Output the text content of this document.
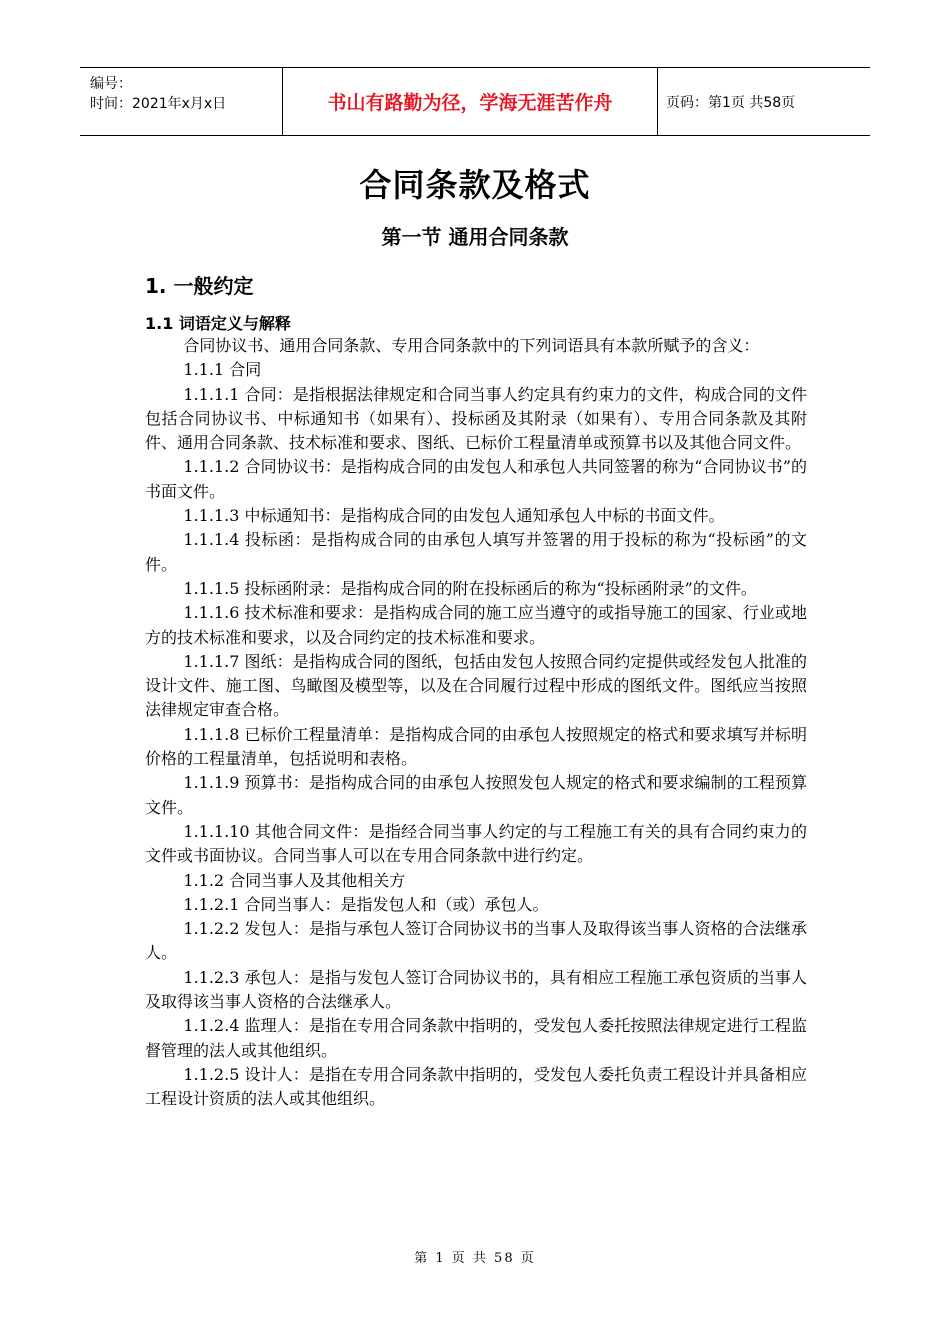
编号：
时间：2021年x月x日	书山有路勤为径，学海无涯苦作舟	页码：第1页 共58页
合同条款及格式
第一节 通用合同条款
1. 一般约定
1.1 词语定义与解释

合同协议书、通用合同条款、专用合同条款中的下列词语具有本款所赋予的含义：

1.1.1 合同

1.1.1.1 合同：是指根据法律规定和合同当事人约定具有约束力的文件，构成合同的文件包括合同协议书、中标通知书（如果有）、投标函及其附录（如果有）、专用合同条款及其附件、通用合同条款、技术标准和要求、图纸、已标价工程量清单或预算书以及其他合同文件。

1.1.1.2 合同协议书：是指构成合同的由发包人和承包人共同签署的称为“合同协议书”的书面文件。

1.1.1.3 中标通知书：是指构成合同的由发包人通知承包人中标的书面文件。

1.1.1.4 投标函：是指构成合同的由承包人填写并签署的用于投标的称为“投标函”的文件。

1.1.1.5 投标函附录：是指构成合同的附在投标函后的称为“投标函附录”的文件。

1.1.1.6 技术标准和要求：是指构成合同的施工应当遵守的或指导施工的国家、行业或地方的技术标准和要求，以及合同约定的技术标准和要求。

1.1.1.7 图纸：是指构成合同的图纸，包括由发包人按照合同约定提供或经发包人批准的设计文件、施工图、鸟瞰图及模型等，以及在合同履行过程中形成的图纸文件。图纸应当按照法律规定审查合格。

1.1.1.8 已标价工程量清单：是指构成合同的由承包人按照规定的格式和要求填写并标明价格的工程量清单，包括说明和表格。

1.1.1.9 预算书：是指构成合同的由承包人按照发包人规定的格式和要求编制的工程预算文件。

1.1.1.10 其他合同文件：是指经合同当事人约定的与工程施工有关的具有合同约束力的文件或书面协议。合同当事人可以在专用合同条款中进行约定。

1.1.2 合同当事人及其他相关方

1.1.2.1 合同当事人：是指发包人和（或）承包人。

1.1.2.2 发包人：是指与承包人签订合同协议书的当事人及取得该当事人资格的合法继承人。

1.1.2.3 承包人：是指与发包人签订合同协议书的，具有相应工程施工承包资质的当事人及取得该当事人资格的合法继承人。

1.1.2.4 监理人：是指在专用合同条款中指明的，受发包人委托按照法律规定进行工程监督管理的法人或其他组织。

1.1.2.5 设计人：是指在专用合同条款中指明的，受发包人委托负责工程设计并具备相应工程设计资质的法人或其他组织。

第 1 页 共 58 页
